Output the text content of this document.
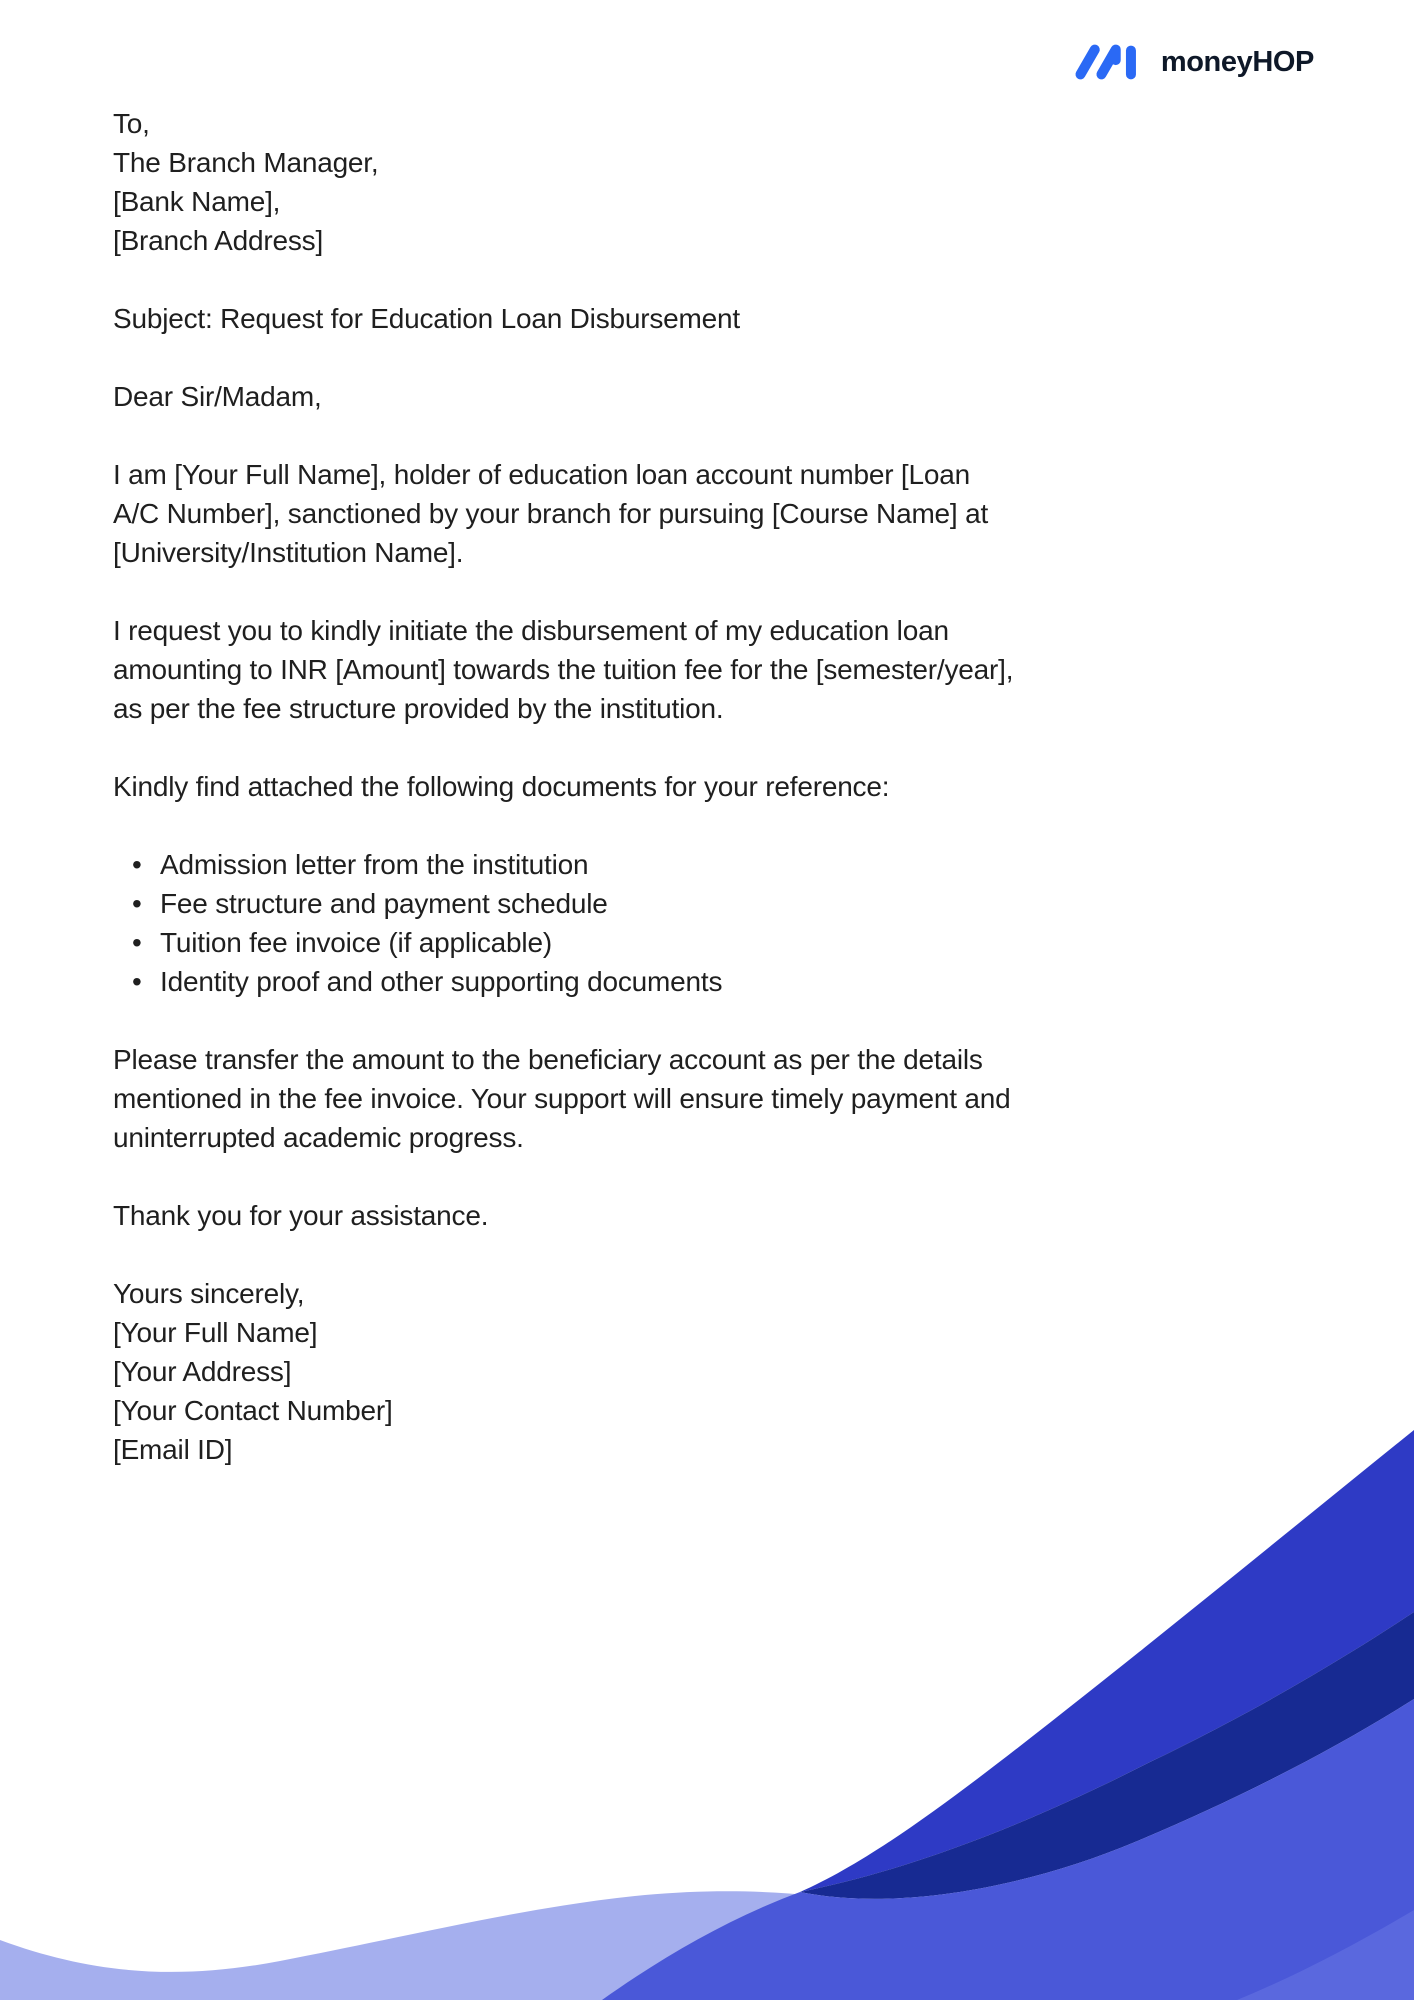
moneyHOP
To,
The Branch Manager,
[Bank Name],
[Branch Address]

Subject: Request for Education Loan Disbursement

Dear Sir/Madam,

I am [Your Full Name], holder of education loan account number [Loan A/C Number], sanctioned by your branch for pursuing [Course Name] at [University/Institution Name].

I request you to kindly initiate the disbursement of my education loan amounting to INR [Amount] towards the tuition fee for the [semester/year], as per the fee structure provided by the institution.

Kindly find attached the following documents for your reference:

• Admission letter from the institution
• Fee structure and payment schedule
• Tuition fee invoice (if applicable)
• Identity proof and other supporting documents

Please transfer the amount to the beneficiary account as per the details mentioned in the fee invoice. Your support will ensure timely payment and uninterrupted academic progress.

Thank you for your assistance.

Yours sincerely,
[Your Full Name]
[Your Address]
[Your Contact Number]
[Email ID]
